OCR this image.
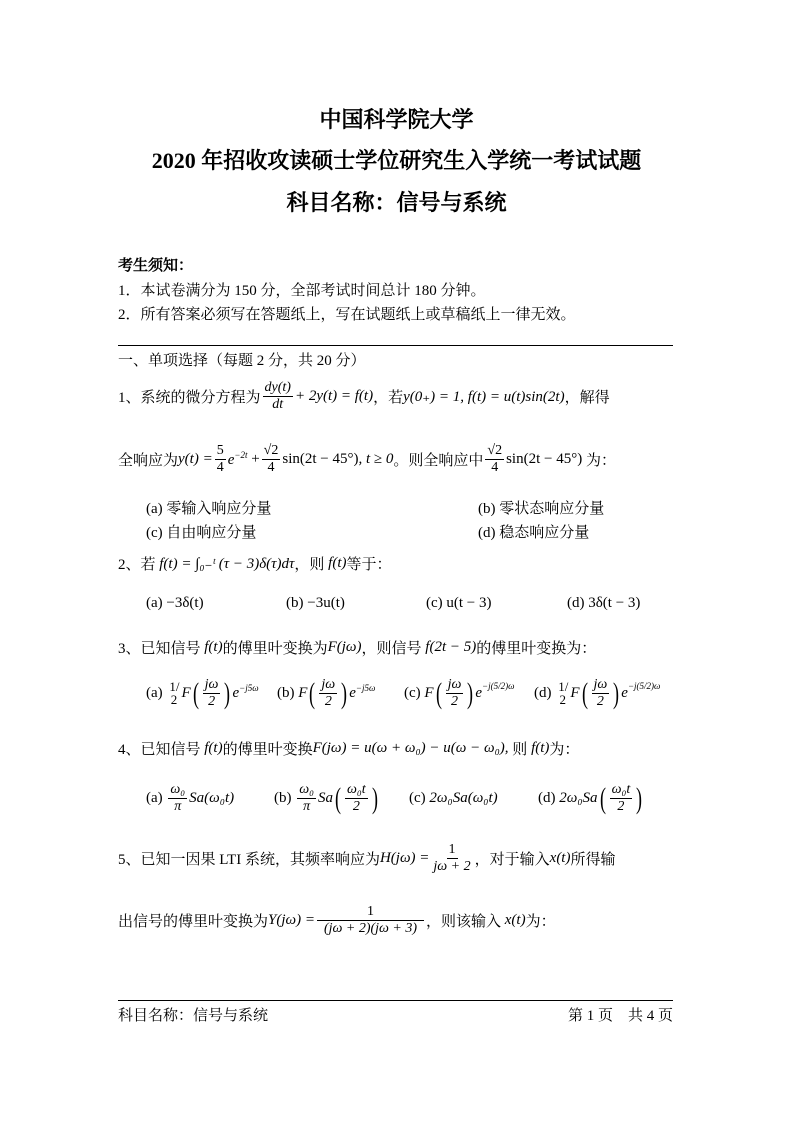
中国科学院大学
2020 年招收攻读硕士学位研究生入学统一考试试题
科目名称：信号与系统
考生须知：
1．本试卷满分为 150 分，全部考试时间总计 180 分钟。
2．所有答案必须写在答题纸上，写在试题纸上或草稿纸上一律无效。
一、单项选择（每题 2 分，共 20 分）
1、系统的微分方程为
dy(t)
dt
+ 2y(t) = f(t) ，若 y(0₊) = 1, f(t) = u(t)sin(2t) ，解得
全响应为 $y(t) = \frac{5}{4} e^{-2t}$
+ $\frac{√2}{4} \sin(2t - 45^\circ)$ , t ≥ 0 。则全响应中
√2
4
sin(2t − 45°)
为：
(a) 零输入响应分量	(b) 零状态响应分量
(c) 自由响应分量	(d) 稳态响应分量
2、若
f(t) = ∫₀₋ᵗ (τ − 3)δ(τ)dτ ，则
f(t) 等于：
(a) −3δ(t)	(b) −3u(t)	(c) u(t − 3)	(d) 3δ(t − 3)
3、已知信号
f(t) 的傅里叶变换为 F(jω) ，则信号
f(2t − 5) 的傅里叶变换为：
(a)
1/2 F ( jω
2 ) $e^{-j5\omega}$ (b)
F ( jω
2 ) $e^{-j5\omega}$ (c)
F ( jω
2 ) $e^{-j(5/2)\omega}$ (d)
1/2 F ( jω
2 ) $e^{-j(5/2)\omega}$
4、已知信号
f(t) 的傅里叶变换 F(jω) = u(ω + ω₀) − u(ω − ω₀),
则
f(t) 为：
(a)

ω₀
π
Sa(ω₀t)	(b)

ω₀
π
Sa ( ω₀t
2 ) (c)
2ω₀Sa(ω₀t)	(d)
2ω₀Sa ( ω₀t
2 )
5、已知一因果 LTI 系统，其频率响应为 $H(j\omega) = \frac{1}{j\omega + 2}$ ，对于输入 x(t) 所得输
出信号的傅里叶变换为 $Y(j\omega) = \frac{1}{(j\omega + 2)(j\omega + 3)}$ ，则该输入
x(t) 为：
科目名称：信号与系统	第 1 页　共 4 页
